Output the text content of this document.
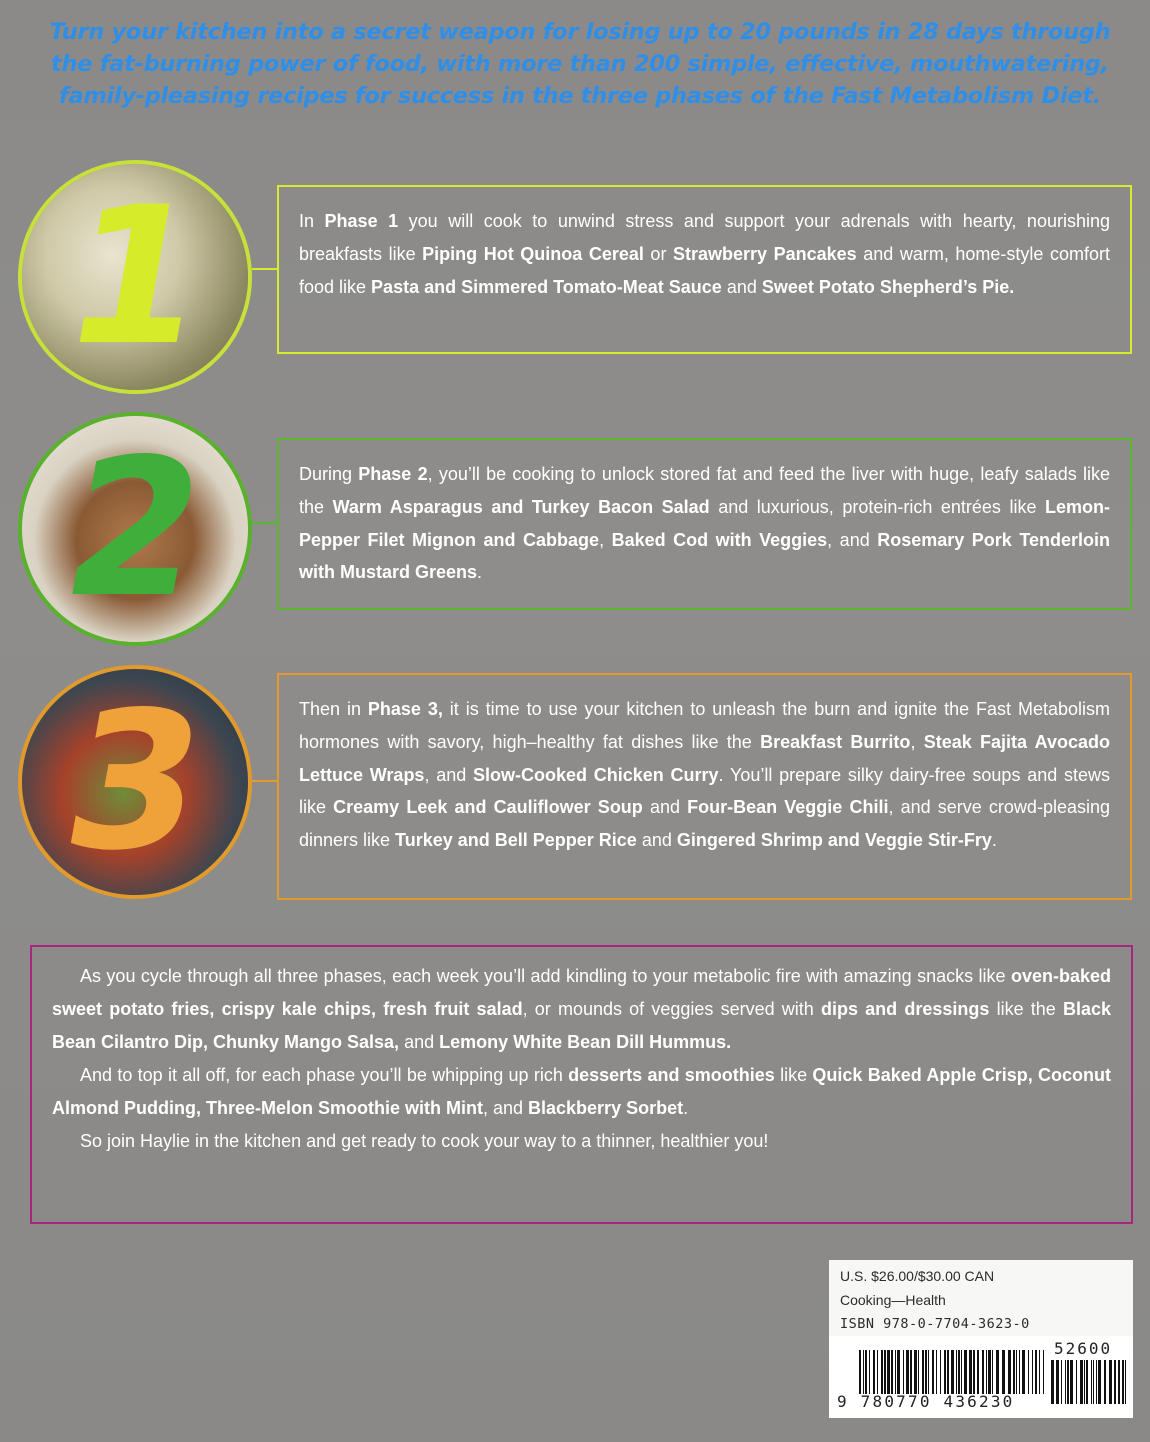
Turn your kitchen into a secret weapon for losing up to 20 pounds in 28 days through the fat-burning power of food, with more than 200 simple, effective, mouthwatering, family-pleasing recipes for success in the three phases of the Fast Metabolism Diet.
1
2
3
In Phase 1 you will cook to unwind stress and support your adrenals with hearty, nourishing breakfasts like Piping Hot Quinoa Cereal or Strawberry Pancakes and warm, home-style comfort food like Pasta and Simmered Tomato-Meat Sauce and Sweet Potato Shepherd’s Pie.
During Phase 2, you’ll be cooking to unlock stored fat and feed the liver with huge, leafy salads like the Warm Asparagus and Turkey Bacon Salad and luxurious, protein-rich entrées like Lemon-Pepper Filet Mignon and Cabbage, Baked Cod with Veggies, and Rosemary Pork Tenderloin with Mustard Greens.
Then in Phase 3, it is time to use your kitchen to unleash the burn and ignite the Fast Metabolism hormones with savory, high–healthy fat dishes like the Breakfast Burrito, Steak Fajita Avocado Lettuce Wraps, and Slow-Cooked Chicken Curry. You’ll prepare silky dairy-free soups and stews like Creamy Leek and Cauliflower Soup and Four-Bean Veggie Chili, and serve crowd-pleasing dinners like Turkey and Bell Pepper Rice and Gingered Shrimp and Veggie Stir-Fry.

As you cycle through all three phases, each week you’ll add kindling to your metabolic fire with amazing snacks like oven-baked sweet potato fries, crispy kale chips, fresh fruit salad, or mounds of veggies served with dips and dressings like the Black Bean Cilantro Dip, Chunky Mango Salsa, and Lemony White Bean Dill Hummus.

And to top it all off, for each phase you’ll be whipping up rich desserts and smoothies like Quick Baked Apple Crisp, Coconut Almond Pudding, Three-Melon Smoothie with Mint, and Blackberry Sorbet.

So join Haylie in the kitchen and get ready to cook your way to a thinner, healthier you!

U.S. $26.00/$30.00 CAN
Cooking—Health
ISBN 978-0-7704-3623-0
52600
9 780770 436230
